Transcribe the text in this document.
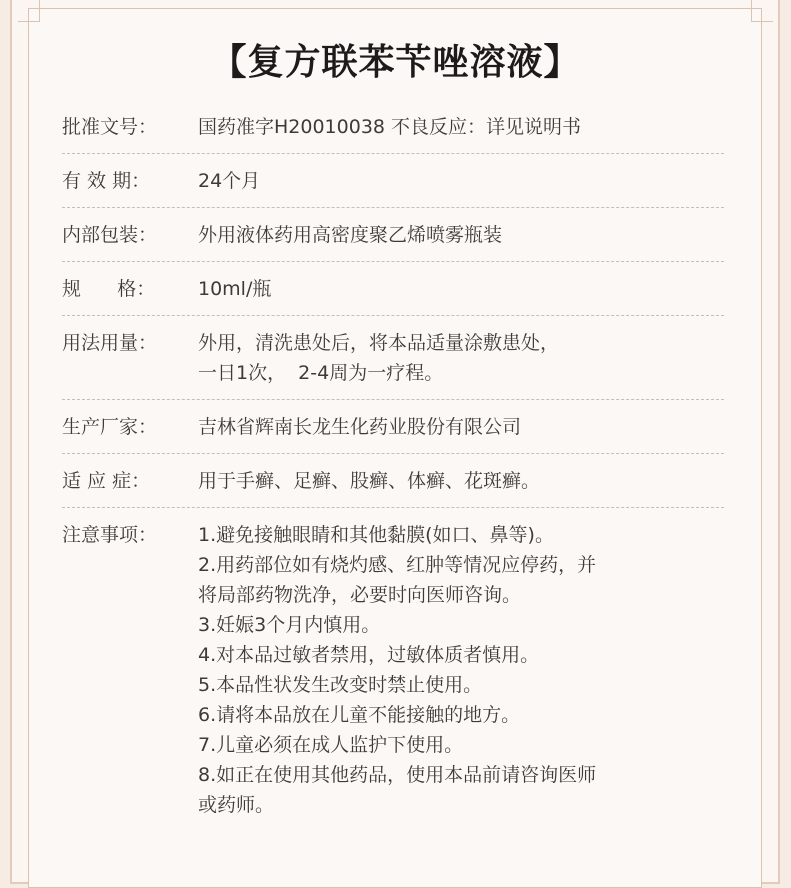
【复方联苯苄唑溶液】
批准文号：	国药准字H20010038 不良反应：详见说明书
有 效 期：	24个月
内部包装：	外用液体药用高密度聚乙烯喷雾瓶装
规      格：	10ml/瓶
用法用量：	外用，清洗患处后，将本品适量涂敷患处，
一日1次，  2-4周为一疗程。
生产厂家：	吉林省辉南长龙生化药业股份有限公司
适 应 症：	用于手癣、足癣、股癣、体癣、花斑癣。
注意事项：	1.避免接触眼睛和其他黏膜(如口、鼻等)。
2.用药部位如有烧灼感、红肿等情况应停药，并
将局部药物洗净，必要时向医师咨询。
3.妊娠3个月内慎用。
4.对本品过敏者禁用，过敏体质者慎用。
5.本品性状发生改变时禁止使用。
6.请将本品放在儿童不能接触的地方。
7.儿童必须在成人监护下使用。
8.如正在使用其他药品，使用本品前请咨询医师
或药师。
